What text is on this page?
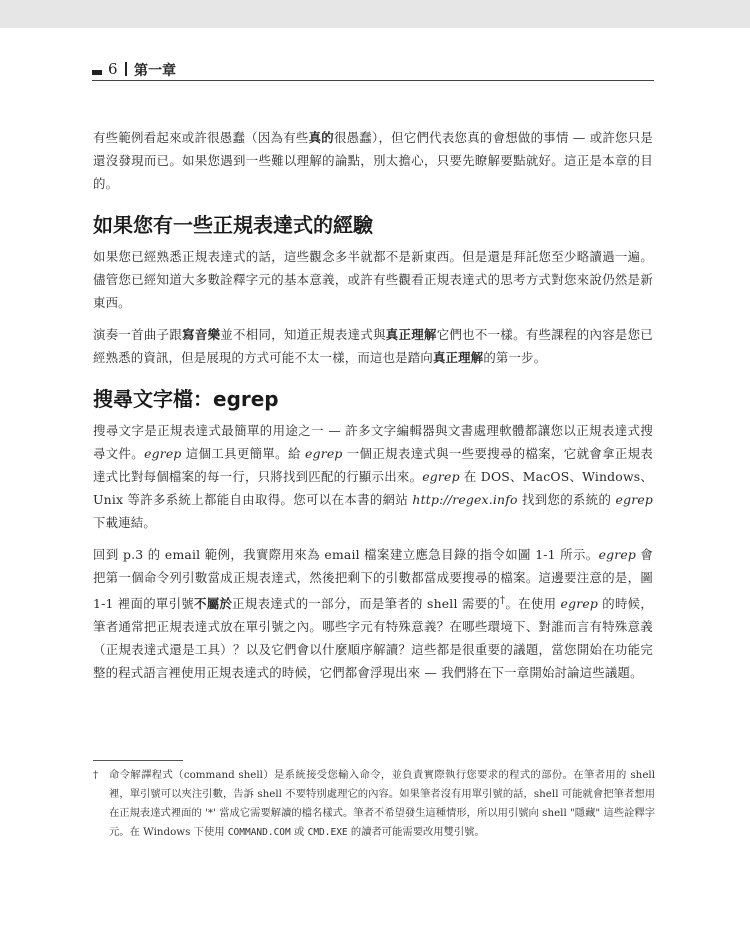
6 第一章

有些範例看起來或許很愚蠢（因為有些真的很愚蠢），但它們代表您真的會想做的事情 — 或許您只是還沒發現而已。如果您遇到一些難以理解的論點，別太擔心，只要先瞭解要點就好。這正是本章的目的。

如果您有一些正規表達式的經驗

如果您已經熟悉正規表達式的話，這些觀念多半就都不是新東西。但是還是拜託您至少略讀過一遍。儘管您已經知道大多數詮釋字元的基本意義，或許有些觀看正規表達式的思考方式對您來說仍然是新東西。

演奏一首曲子跟寫音樂並不相同，知道正規表達式與真正理解它們也不一樣。有些課程的內容是您已經熟悉的資訊，但是展現的方式可能不太一樣，而這也是踏向真正理解的第一步。

搜尋文字檔：egrep

搜尋文字是正規表達式最簡單的用途之一 — 許多文字編輯器與文書處理軟體都讓您以正規表達式搜尋文件。egrep 這個工具更簡單。給 egrep 一個正規表達式與一些要搜尋的檔案，它就會拿正規表達式比對每個檔案的每一行，只將找到匹配的行顯示出來。egrep 在 DOS、MacOS、Windows、Unix 等許多系統上都能自由取得。您可以在本書的網站 http://regex.info 找到您的系統的 egrep 下載連結。

回到 p.3 的 email 範例，我實際用來為 email 檔案建立應急目錄的指令如圖 1-1 所示。egrep 會把第一個命令列引數當成正規表達式，然後把剩下的引數都當成要搜尋的檔案。這邊要注意的是，圖 1-1 裡面的單引號不屬於正規表達式的一部分，而是筆者的 shell 需要的†。在使用 egrep 的時候，筆者通常把正規表達式放在單引號之內。哪些字元有特殊意義？在哪些環境下、對誰而言有特殊意義（正規表達式還是工具）？以及它們會以什麼順序解讀？這些都是很重要的議題，當您開始在功能完整的程式語言裡使用正規表達式的時候，它們都會浮現出來 — 我們將在下一章開始討論這些議題。

† 命令解譯程式（command shell）是系統接受您輸入命令，並負責實際執行您要求的程式的部份。在筆者用的 shell 裡，單引號可以夾注引數，告訴 shell 不要特別處理它的內容。如果筆者沒有用單引號的話，shell 可能就會把筆者想用在正規表達式裡面的 '*' 當成它需要解讀的檔名樣式。筆者不希望發生這種情形，所以用引號向 shell "隱藏" 這些詮釋字元。在 Windows 下使用 COMMAND.COM 或 CMD.EXE 的讀者可能需要改用雙引號。
